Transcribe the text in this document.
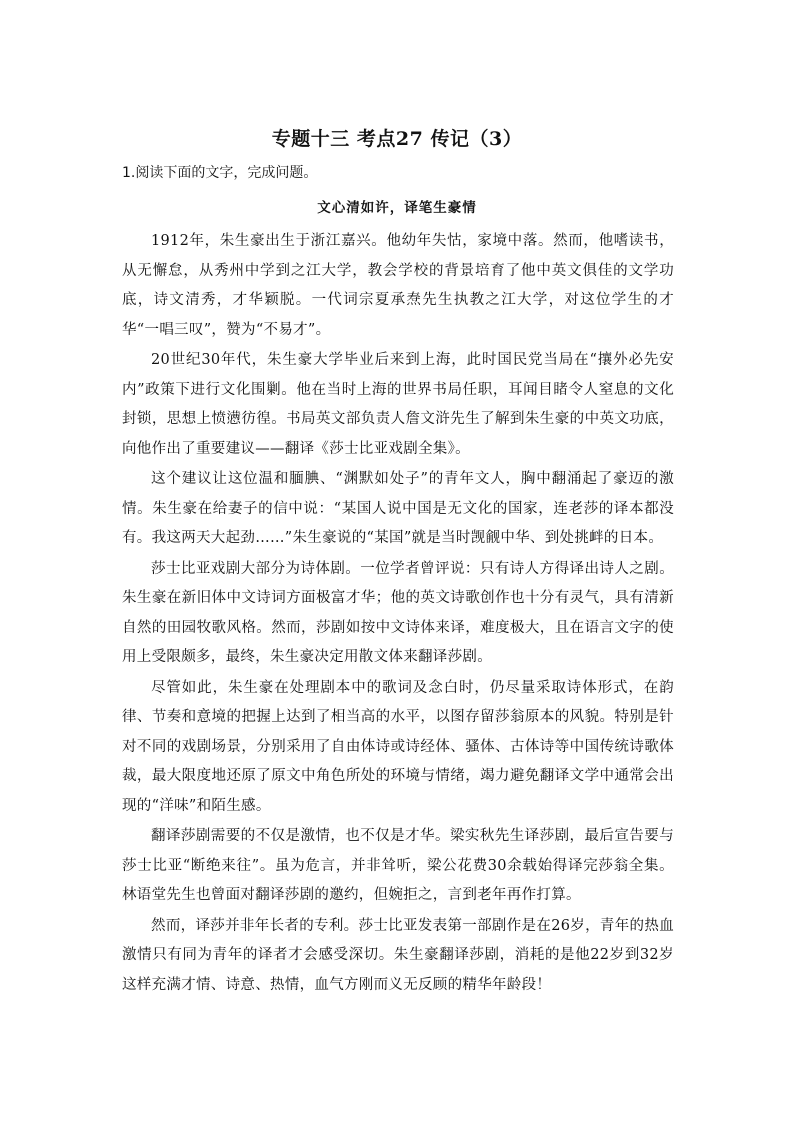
专题十三 考点27 传记（3）

1.阅读下面的文字，完成问题。

文心清如许，译笔生豪情

1912年，朱生豪出生于浙江嘉兴。他幼年失怙，家境中落。然而，他嗜读书，从无懈怠，从秀州中学到之江大学，教会学校的背景培育了他中英文俱佳的文学功底，诗文清秀，才华颖脱。一代词宗夏承焘先生执教之江大学，对这位学生的才华“一唱三叹”，赞为“不易才”。

20世纪30年代，朱生豪大学毕业后来到上海，此时国民党当局在“攘外必先安内”政策下进行文化围剿。他在当时上海的世界书局任职，耳闻目睹令人窒息的文化封锁，思想上愤懑彷徨。书局英文部负责人詹文浒先生了解到朱生豪的中英文功底，向他作出了重要建议——翻译《莎士比亚戏剧全集》。

这个建议让这位温和腼腆、“渊默如处子”的青年文人，胸中翻涌起了豪迈的激情。朱生豪在给妻子的信中说：“某国人说中国是无文化的国家，连老莎的译本都没有。我这两天大起劲……”朱生豪说的“某国”就是当时觊觎中华、到处挑衅的日本。

莎士比亚戏剧大部分为诗体剧。一位学者曾评说：只有诗人方得译出诗人之剧。朱生豪在新旧体中文诗词方面极富才华；他的英文诗歌创作也十分有灵气，具有清新自然的田园牧歌风格。然而，莎剧如按中文诗体来译，难度极大，且在语言文字的使用上受限颇多，最终，朱生豪决定用散文体来翻译莎剧。

尽管如此，朱生豪在处理剧本中的歌词及念白时，仍尽量采取诗体形式，在韵律、节奏和意境的把握上达到了相当高的水平，以图存留莎翁原本的风貌。特别是针对不同的戏剧场景，分别采用了自由体诗或诗经体、骚体、古体诗等中国传统诗歌体裁，最大限度地还原了原文中角色所处的环境与情绪，竭力避免翻译文学中通常会出现的“洋味”和陌生感。

翻译莎剧需要的不仅是激情，也不仅是才华。梁实秋先生译莎剧，最后宣告要与莎士比亚“断绝来往”。虽为危言，并非耸听，梁公花费30余载始得译完莎翁全集。林语堂先生也曾面对翻译莎剧的邀约，但婉拒之，言到老年再作打算。

然而，译莎并非年长者的专利。莎士比亚发表第一部剧作是在26岁，青年的热血激情只有同为青年的译者才会感受深切。朱生豪翻译莎剧，消耗的是他22岁到32岁这样充满才情、诗意、热情，血气方刚而义无反顾的精华年龄段！
